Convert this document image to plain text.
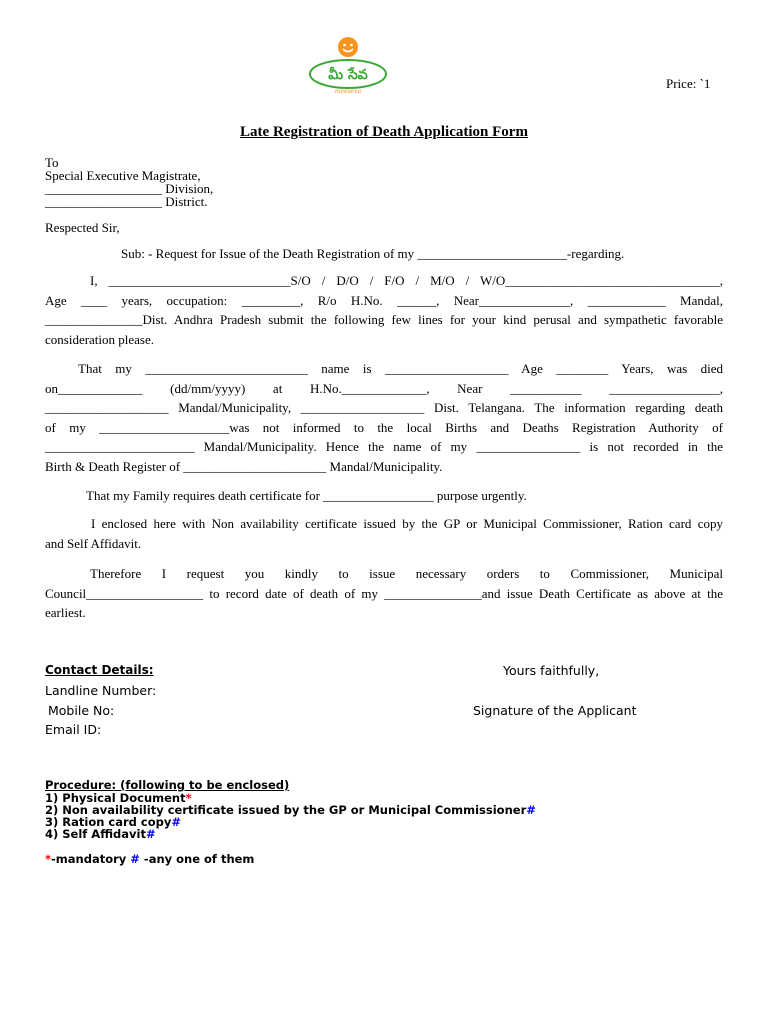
మీ సేవ
meeseva
Price: `1
Late Registration of Death Application Form
To
Special Executive Magistrate,
__________________ Division,
__________________ District.
Respected Sir,
Sub: - Request for Issue of the Death Registration of my _______________________-regarding.
I, ____________________________S/O / D/O / F/O / M/O / W/O_________________________________,
Age ____ years, occupation: _________, R/o H.No. ______, Near______________, ____________ Mandal,
_______________Dist. Andhra Pradesh submit the following few lines for your kind perusal and sympathetic favorable
consideration please.
That my _________________________ name is ___________________ Age ________ Years, was died
on_____________ (dd/mm/yyyy) at H.No._____________, Near ___________ _________________,
___________________ Mandal/Municipality, ___________________ Dist. Telangana. The information regarding death
of my ____________________was not informed to the local Births and Deaths Registration Authority of
_______________________ Mandal/Municipality. Hence the name of my ________________ is not recorded in the
Birth & Death Register of ______________________ Mandal/Municipality.
That my Family requires death certificate for _________________ purpose urgently.
I enclosed here with Non availability certificate issued by the GP or Municipal Commissioner, Ration card copy
and Self Affidavit.
Therefore I request you kindly to issue necessary orders to Commissioner, Municipal
Council__________________ to record date of death of my _______________and issue Death Certificate as above at the
earliest.
Contact Details:
Landline Number:
Mobile No:
Email ID:
Yours faithfully,
Signature of the Applicant
Procedure: (following to be enclosed)
1) Physical Document*
2) Non availability certificate issued by the GP or Municipal Commissioner#
3) Ration card copy#
4) Self Affidavit#
*-mandatory # -any one of them
